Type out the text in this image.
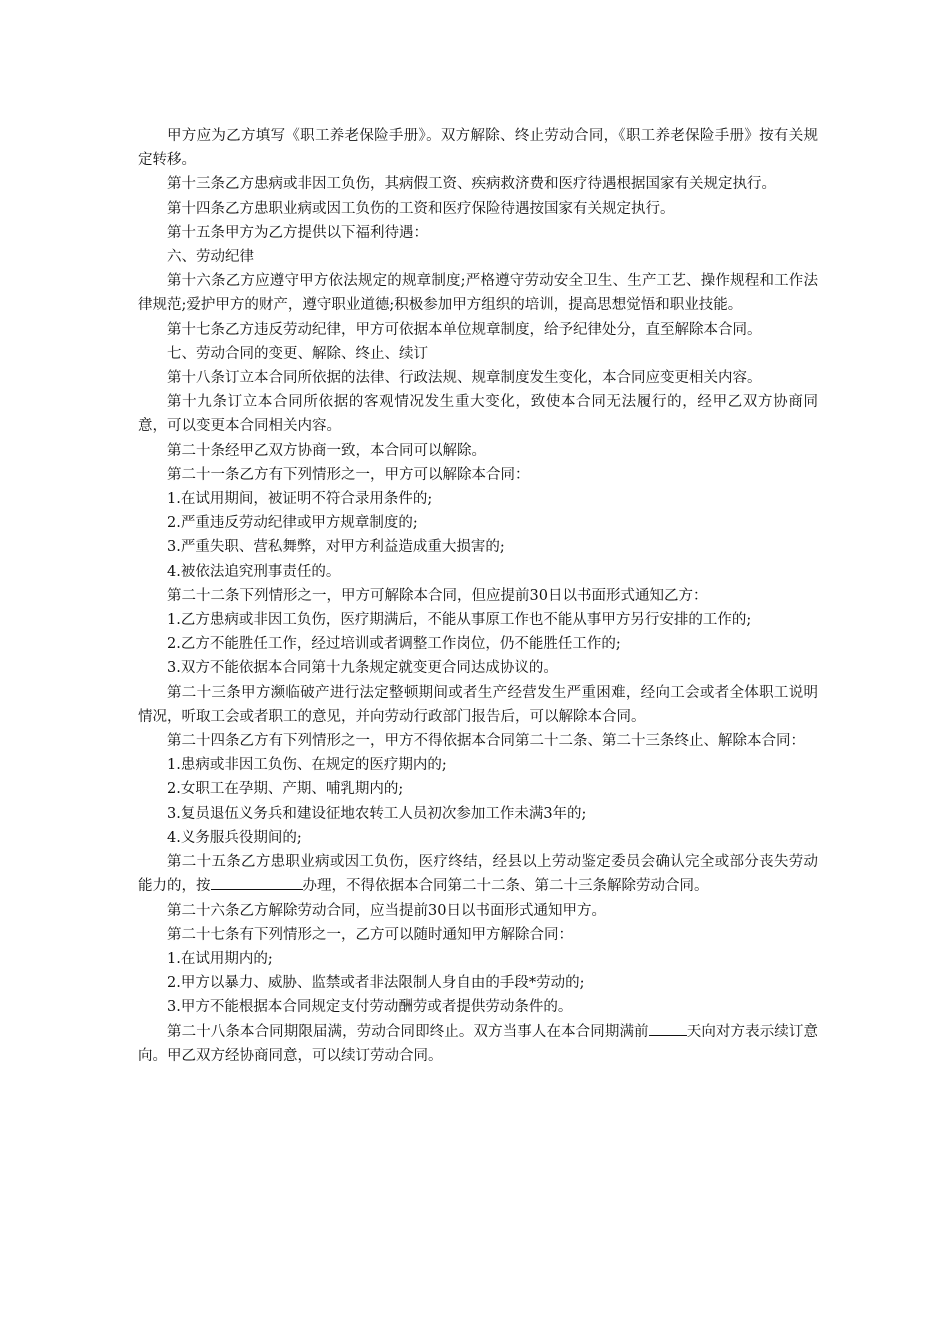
甲方应为乙方填写《职工养老保险手册》。双方解除、终止劳动合同，《职工养老保险手册》按有关规定转移。

第十三条乙方患病或非因工负伤，其病假工资、疾病救济费和医疗待遇根据国家有关规定执行。

第十四条乙方患职业病或因工负伤的工资和医疗保险待遇按国家有关规定执行。

第十五条甲方为乙方提供以下福利待遇：

六、劳动纪律

第十六条乙方应遵守甲方依法规定的规章制度;严格遵守劳动安全卫生、生产工艺、操作规程和工作法律规范;爱护甲方的财产，遵守职业道德;积极参加甲方组织的培训，提高思想觉悟和职业技能。

第十七条乙方违反劳动纪律，甲方可依据本单位规章制度，给予纪律处分，直至解除本合同。

七、劳动合同的变更、解除、终止、续订

第十八条订立本合同所依据的法律、行政法规、规章制度发生变化，本合同应变更相关内容。

第十九条订立本合同所依据的客观情况发生重大变化，致使本合同无法履行的，经甲乙双方协商同意，可以变更本合同相关内容。

第二十条经甲乙双方协商一致，本合同可以解除。

第二十一条乙方有下列情形之一，甲方可以解除本合同：

1.在试用期间，被证明不符合录用条件的;

2.严重违反劳动纪律或甲方规章制度的;

3.严重失职、营私舞弊，对甲方利益造成重大损害的;

4.被依法追究刑事责任的。

第二十二条下列情形之一，甲方可解除本合同，但应提前30日以书面形式通知乙方：

1.乙方患病或非因工负伤，医疗期满后，不能从事原工作也不能从事甲方另行安排的工作的;

2.乙方不能胜任工作，经过培训或者调整工作岗位，仍不能胜任工作的;

3.双方不能依据本合同第十九条规定就变更合同达成协议的。

第二十三条甲方濒临破产进行法定整顿期间或者生产经营发生严重困难，经向工会或者全体职工说明情况，听取工会或者职工的意见，并向劳动行政部门报告后，可以解除本合同。

第二十四条乙方有下列情形之一，甲方不得依据本合同第二十二条、第二十三条终止、解除本合同：

1.患病或非因工负伤、在规定的医疗期内的;

2.女职工在孕期、产期、哺乳期内的;

3.复员退伍义务兵和建设征地农转工人员初次参加工作未满3年的;

4.义务服兵役期间的;

第二十五条乙方患职业病或因工负伤，医疗终结，经县以上劳动鉴定委员会确认完全或部分丧失劳动能力的，按	办理，不得依据本合同第二十二条、第二十三条解除劳动合同。

第二十六条乙方解除劳动合同，应当提前30日以书面形式通知甲方。

第二十七条有下列情形之一，乙方可以随时通知甲方解除合同：

1.在试用期内的;

2.甲方以暴力、威胁、监禁或者非法限制人身自由的手段*劳动的;

3.甲方不能根据本合同规定支付劳动酬劳或者提供劳动条件的。

第二十八条本合同期限届满，劳动合同即终止。双方当事人在本合同期满前	天向对方表示续订意向。甲乙双方经协商同意，可以续订劳动合同。
